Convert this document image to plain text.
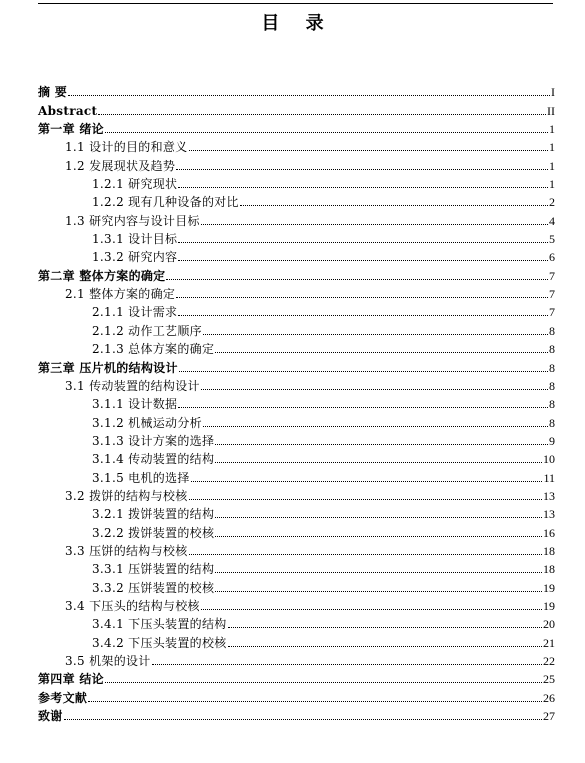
目 录
摘 要	I
Abstract	II
第一章 绪论	1
1.1 设计的目的和意义	1
1.2 发展现状及趋势	1
1.2.1 研究现状	1
1.2.2 现有几种设备的对比	2
1.3 研究内容与设计目标	4
1.3.1 设计目标	5
1.3.2 研究内容	6
第二章 整体方案的确定	7
2.1 整体方案的确定	7
2.1.1 设计需求	7
2.1.2 动作工艺顺序	8
2.1.3 总体方案的确定	8
第三章 压片机的结构设计	8
3.1 传动装置的结构设计	8
3.1.1 设计数据	8
3.1.2 机械运动分析	8
3.1.3 设计方案的选择	9
3.1.4 传动装置的结构	10
3.1.5 电机的选择	11
3.2 拨饼的结构与校核	13
3.2.1 拨饼装置的结构	13
3.2.2 拨饼装置的校核	16
3.3 压饼的结构与校核	18
3.3.1 压饼装置的结构	18
3.3.2 压饼装置的校核	19
3.4 下压头的结构与校核	19
3.4.1 下压头装置的结构	20
3.4.2 下压头装置的校核	21
3.5 机架的设计	22
第四章 结论	25
参考文献	26
致谢	27
